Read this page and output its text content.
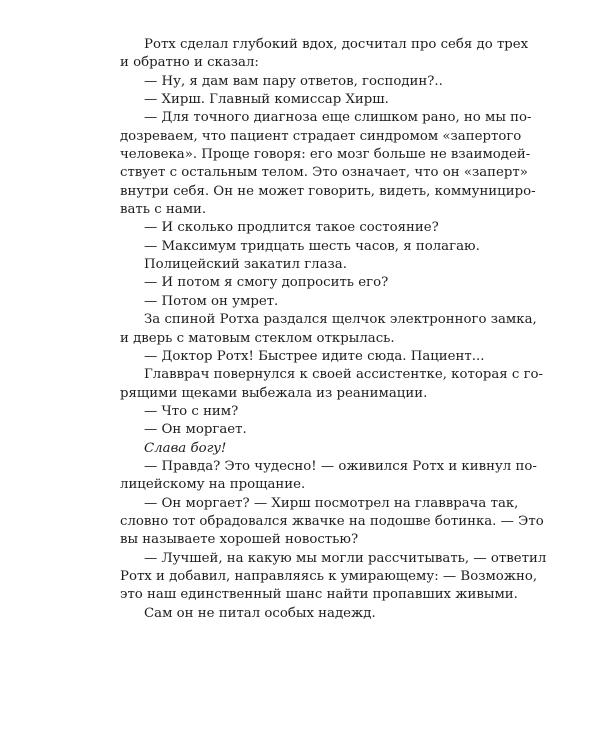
Ротх сделал глубокий вдох, досчитал про себя до трех
и обратно и сказал:
— Ну, я дам вам пару ответов, господин?..
— Хирш. Главный комиссар Хирш.
— Для точного диагноза еще слишком рано, но мы по-
дозреваем, что пациент страдает синдромом «запертого
человека». Проще говоря: его мозг больше не взаимодей-
ствует с остальным телом. Это означает, что он «заперт»
внутри себя. Он не может говорить, видеть, коммуницирo-
вать с нами.
— И сколько продлится такое состояние?
— Максимум тридцать шесть часов, я полагаю.
Полицейский закатил глаза.
— И потом я смогу допросить его?
— Потом он умрет.
За спиной Ротха раздался щелчок электронного замка,
и дверь с матовым стеклом открылась.
— Доктор Ротх! Быстрее идите сюда. Пациент...
Главврач повернулся к своей ассистентке, которая с го-
рящими щеками выбежала из реанимации.
— Что с ним?
— Он моргает.
Слава богу!
— Правда? Это чудесно! — оживился Ротх и кивнул по-
лицейскому на прощание.
— Он моргает? — Хирш посмотрел на главврача так,
словно тот обрадовался жвачке на подошве ботинка. — Это
вы называете хорошей новостью?
— Лучшей, на какую мы могли рассчитывать, — ответил
Ротх и добавил, направляясь к умирающему: — Возможно,
это наш единственный шанс найти пропавших живыми.
Сам он не питал особых надежд.
